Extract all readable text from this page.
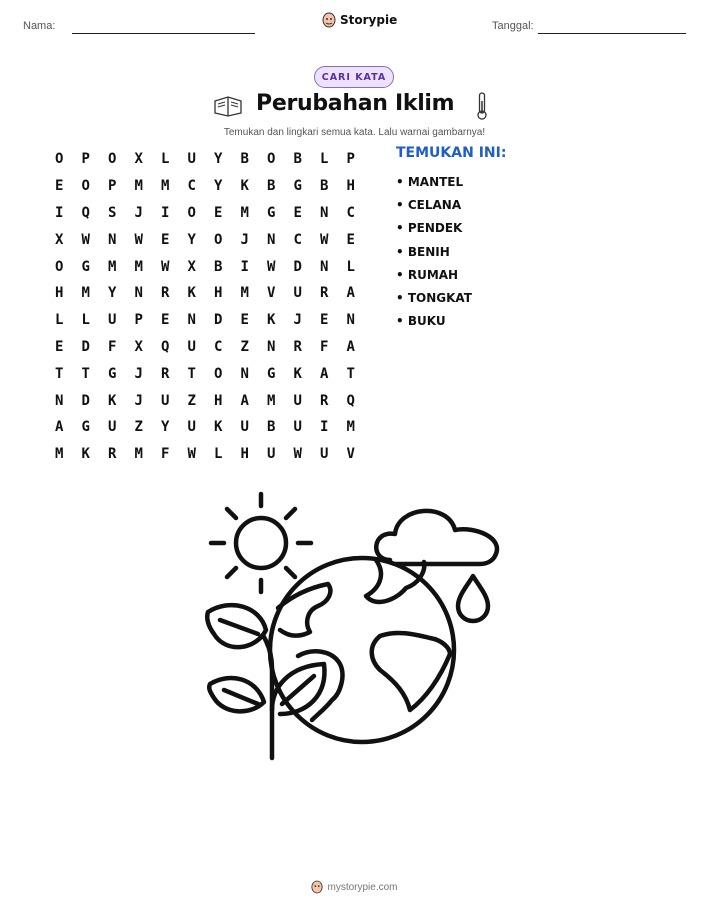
Nama:	Storypie	Tanggal:
CARI KATA
Perubahan Iklim
Temukan dan lingkari semua kata. Lalu warnai gambarnya!
O	P	O	X	L	U	Y	B	O	B	L	P
E	O	P	M	M	C	Y	K	B	G	B	H
I	Q	S	J	I	O	E	M	G	E	N	C
X	W	N	W	E	Y	O	J	N	C	W	E
O	G	M	M	W	X	B	I	W	D	N	L
H	M	Y	N	R	K	H	M	V	U	R	A
L	L	U	P	E	N	D	E	K	J	E	N
E	D	F	X	Q	U	C	Z	N	R	F	A
T	T	G	J	R	T	O	N	G	K	A	T
N	D	K	J	U	Z	H	A	M	U	R	Q
A	G	U	Z	Y	U	K	U	B	U	I	M
M	K	R	M	F	W	L	H	U	W	U	V
TEMUKAN INI:
• MANTEL
• CELANA
• PENDEK
• BENIH
• RUMAH
• TONGKAT
• BUKU
mystorypie.com
